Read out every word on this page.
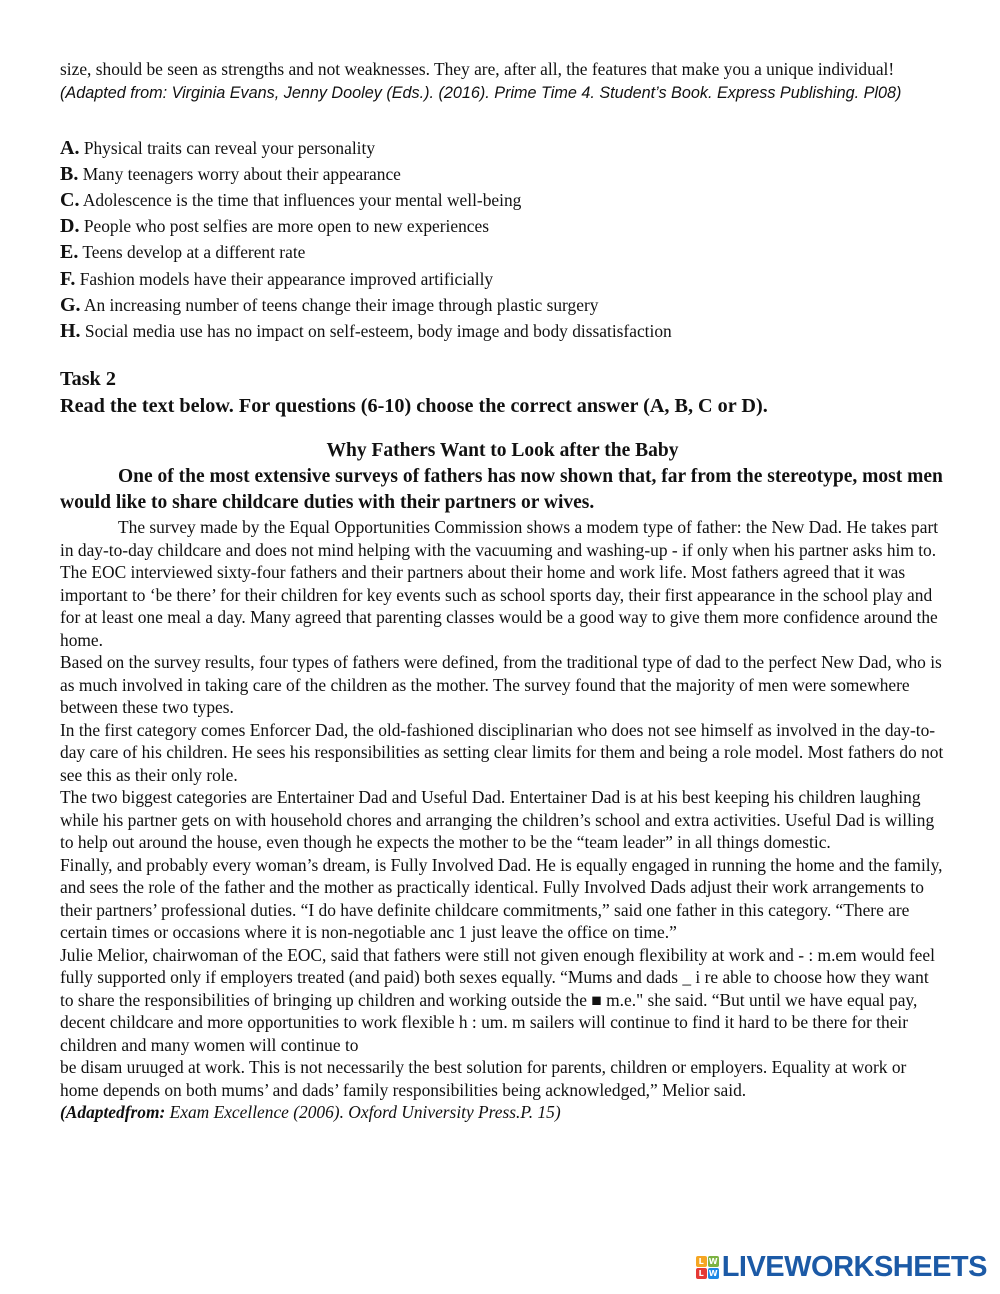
size, should be seen as strengths and not weaknesses. They are, after all, the features that make you a unique individual!

(Adapted from: Virginia Evans, Jenny Dooley (Eds.). (2016). Prime Time 4. Student’s Book. Express Publishing. Pl08)

A. Physical traits can reveal your personality
B. Many teenagers worry about their appearance
C. Adolescence is the time that influences your mental well-being
D. People who post selfies are more open to new experiences
E. Teens develop at a different rate
F. Fashion models have their appearance improved artificially
G. An increasing number of teens change their image through plastic surgery
H. Social media use has no impact on self-esteem, body image and body dissatisfaction
Task 2
Read the text below. For questions (6-10) choose the correct answer (A, B, C or D).
Why Fathers Want to Look after the Baby

One of the most extensive surveys of fathers has now shown that, far from the stereotype, most men would like to share childcare duties with their partners or wives.

The survey made by the Equal Opportunities Commission shows a modem type of father: the New Dad. He takes part in day-to-day childcare and does not mind helping with the vacuuming and washing-up - if only when his partner asks him to. The EOC interviewed sixty-four fathers and their partners about their home and work life. Most fathers agreed that it was important to ‘be there’ for their children for key events such as school sports day, their first appearance in the school play and for at least one meal a day. Many agreed that parenting classes would be a good way to give them more confidence around the home.

Based on the survey results, four types of fathers were defined, from the traditional type of dad to the perfect New Dad, who is as much involved in taking care of the children as the mother. The survey found that the majority of men were somewhere between these two types.

In the first category comes Enforcer Dad, the old-fashioned disciplinarian who does not see himself as involved in the day-to-day care of his children. He sees his responsibilities as setting clear limits for them and being a role model. Most fathers do not see this as their only role.

The two biggest categories are Entertainer Dad and Useful Dad. Entertainer Dad is at his best keeping his children laughing while his partner gets on with household chores and arranging the children’s school and extra activities. Useful Dad is willing to help out around the house, even though he expects the mother to be the “team leader” in all things domestic.

Finally, and probably every woman’s dream, is Fully Involved Dad. He is equally engaged in running the home and the family, and sees the role of the father and the mother as practically identical. Fully Involved Dads adjust their work arrangements to their partners’ professional duties. “I do have definite childcare commitments,” said one father in this category. “There are certain times or occasions where it is non-negotiable anc 1 just leave the office on time.”

Julie Melior, chairwoman of the EOC, said that fathers were still not given enough flexibility at work and - : m.em would feel fully supported only if employers treated (and paid) both sexes equally. “Mums and dads _ i re able to choose how they want to share the responsibilities of bringing up children and working outside the ■ m.e." she said. “But until we have equal pay, decent childcare and more opportunities to work flexible h : um. m sailers will continue to find it hard to be there for their children and many women will continue to

be disam uruuged at work. This is not necessarily the best solution for parents, children or employers. Equality at work or home depends on both mums’ and dads’ family responsibilities being acknowledged,” Melior said.

(Adaptedfrom: Exam Excellence (2006). Oxford University Press.P. 15)

L W
L W LIVEWORKSHEETS
